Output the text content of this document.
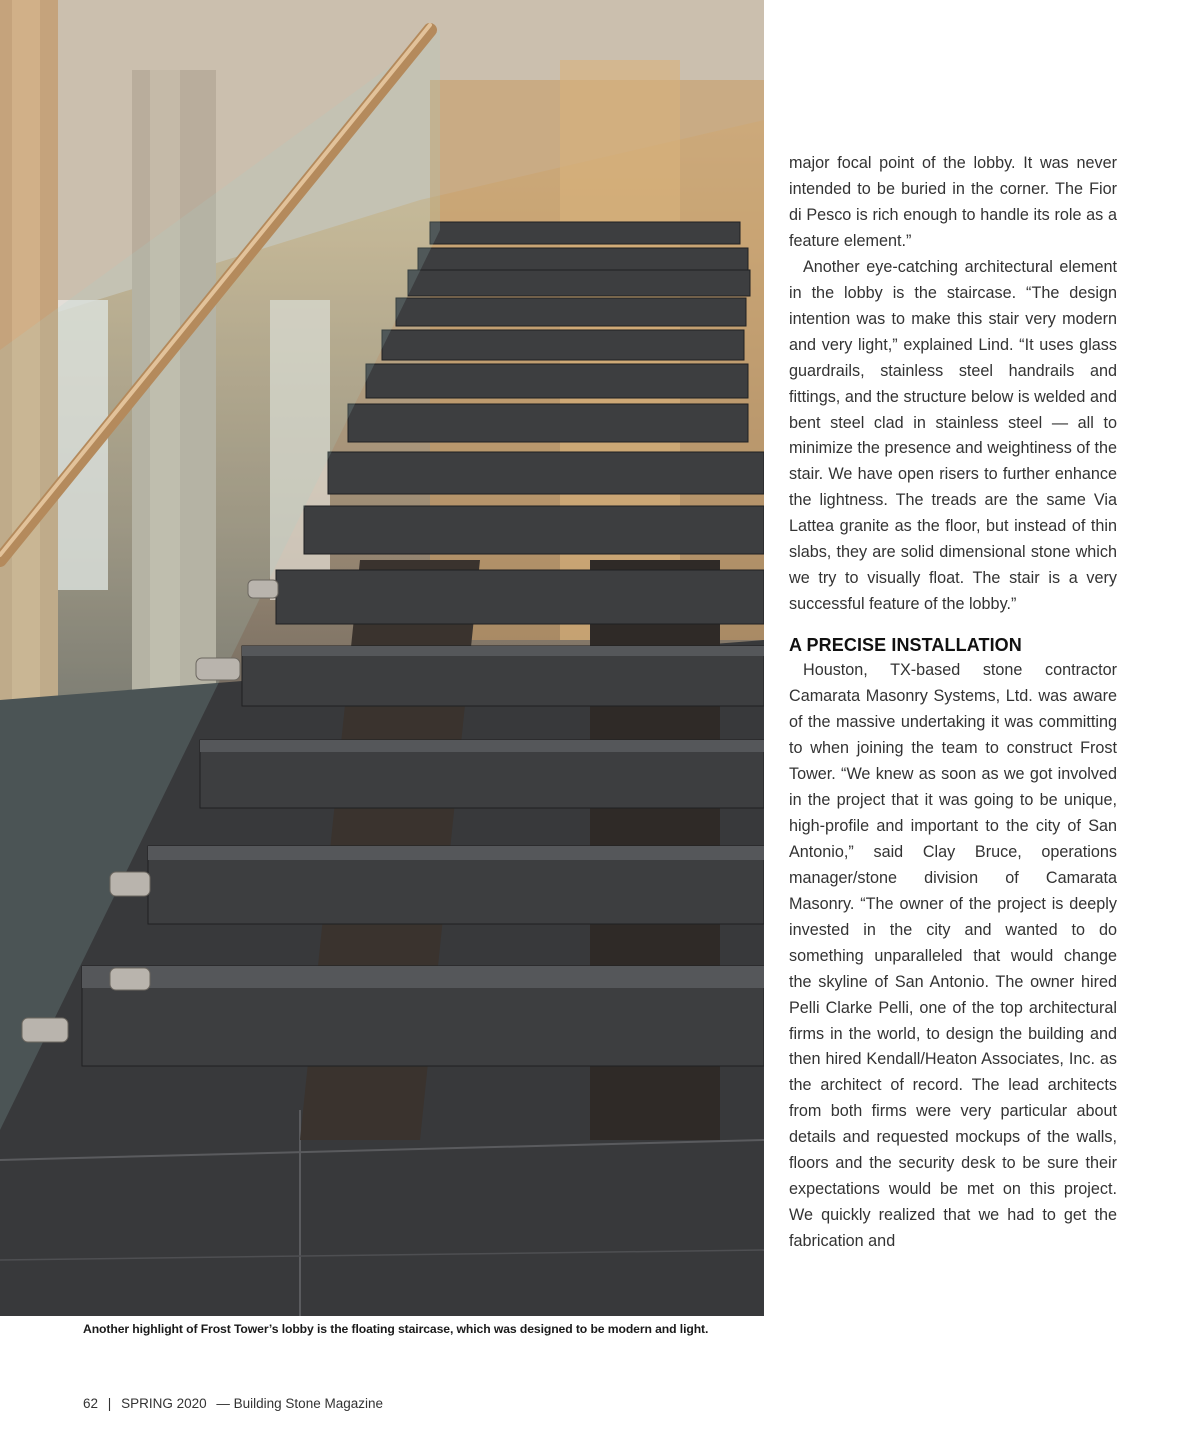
Another highlight of Frost Tower’s lobby is the floating staircase, which was designed to be modern and light.

major focal point of the lobby. It was never intended to be buried in the corner. The Fior di Pesco is rich enough to handle its role as a feature element.”

Another eye-catching architectural element in the lobby is the staircase. “The design intention was to make this stair very modern and very light,” explained Lind. “It uses glass guardrails, stainless steel handrails and fittings, and the structure below is welded and bent steel clad in stainless steel — all to minimize the presence and weightiness of the stair. We have open risers to further enhance the lightness. The treads are the same Via Lattea granite as the floor, but instead of thin slabs, they are solid dimensional stone which we try to visually float. The stair is a very successful feature of the lobby.”

A PRECISE INSTALLATION

Houston, TX-based stone contractor Camarata Masonry Systems, Ltd. was aware of the massive undertaking it was committing to when joining the team to construct Frost Tower. “We knew as soon as we got involved in the project that it was going to be unique, high-profile and important to the city of San Antonio,” said Clay Bruce, operations manager/stone division of Camarata Masonry. “The owner of the project is deeply invested in the city and wanted to do something unparalleled that would change the skyline of San Antonio. The owner hired Pelli Clarke Pelli, one of the top architectural firms in the world, to design the building and then hired Kendall/Heaton Associates, Inc. as the architect of record. The lead architects from both firms were very particular about details and requested mockups of the walls, floors and the security desk to be sure their expectations would be met on this project. We quickly realized that we had to get the fabrication and

62 | SPRING 2020 — Building Stone Magazine
